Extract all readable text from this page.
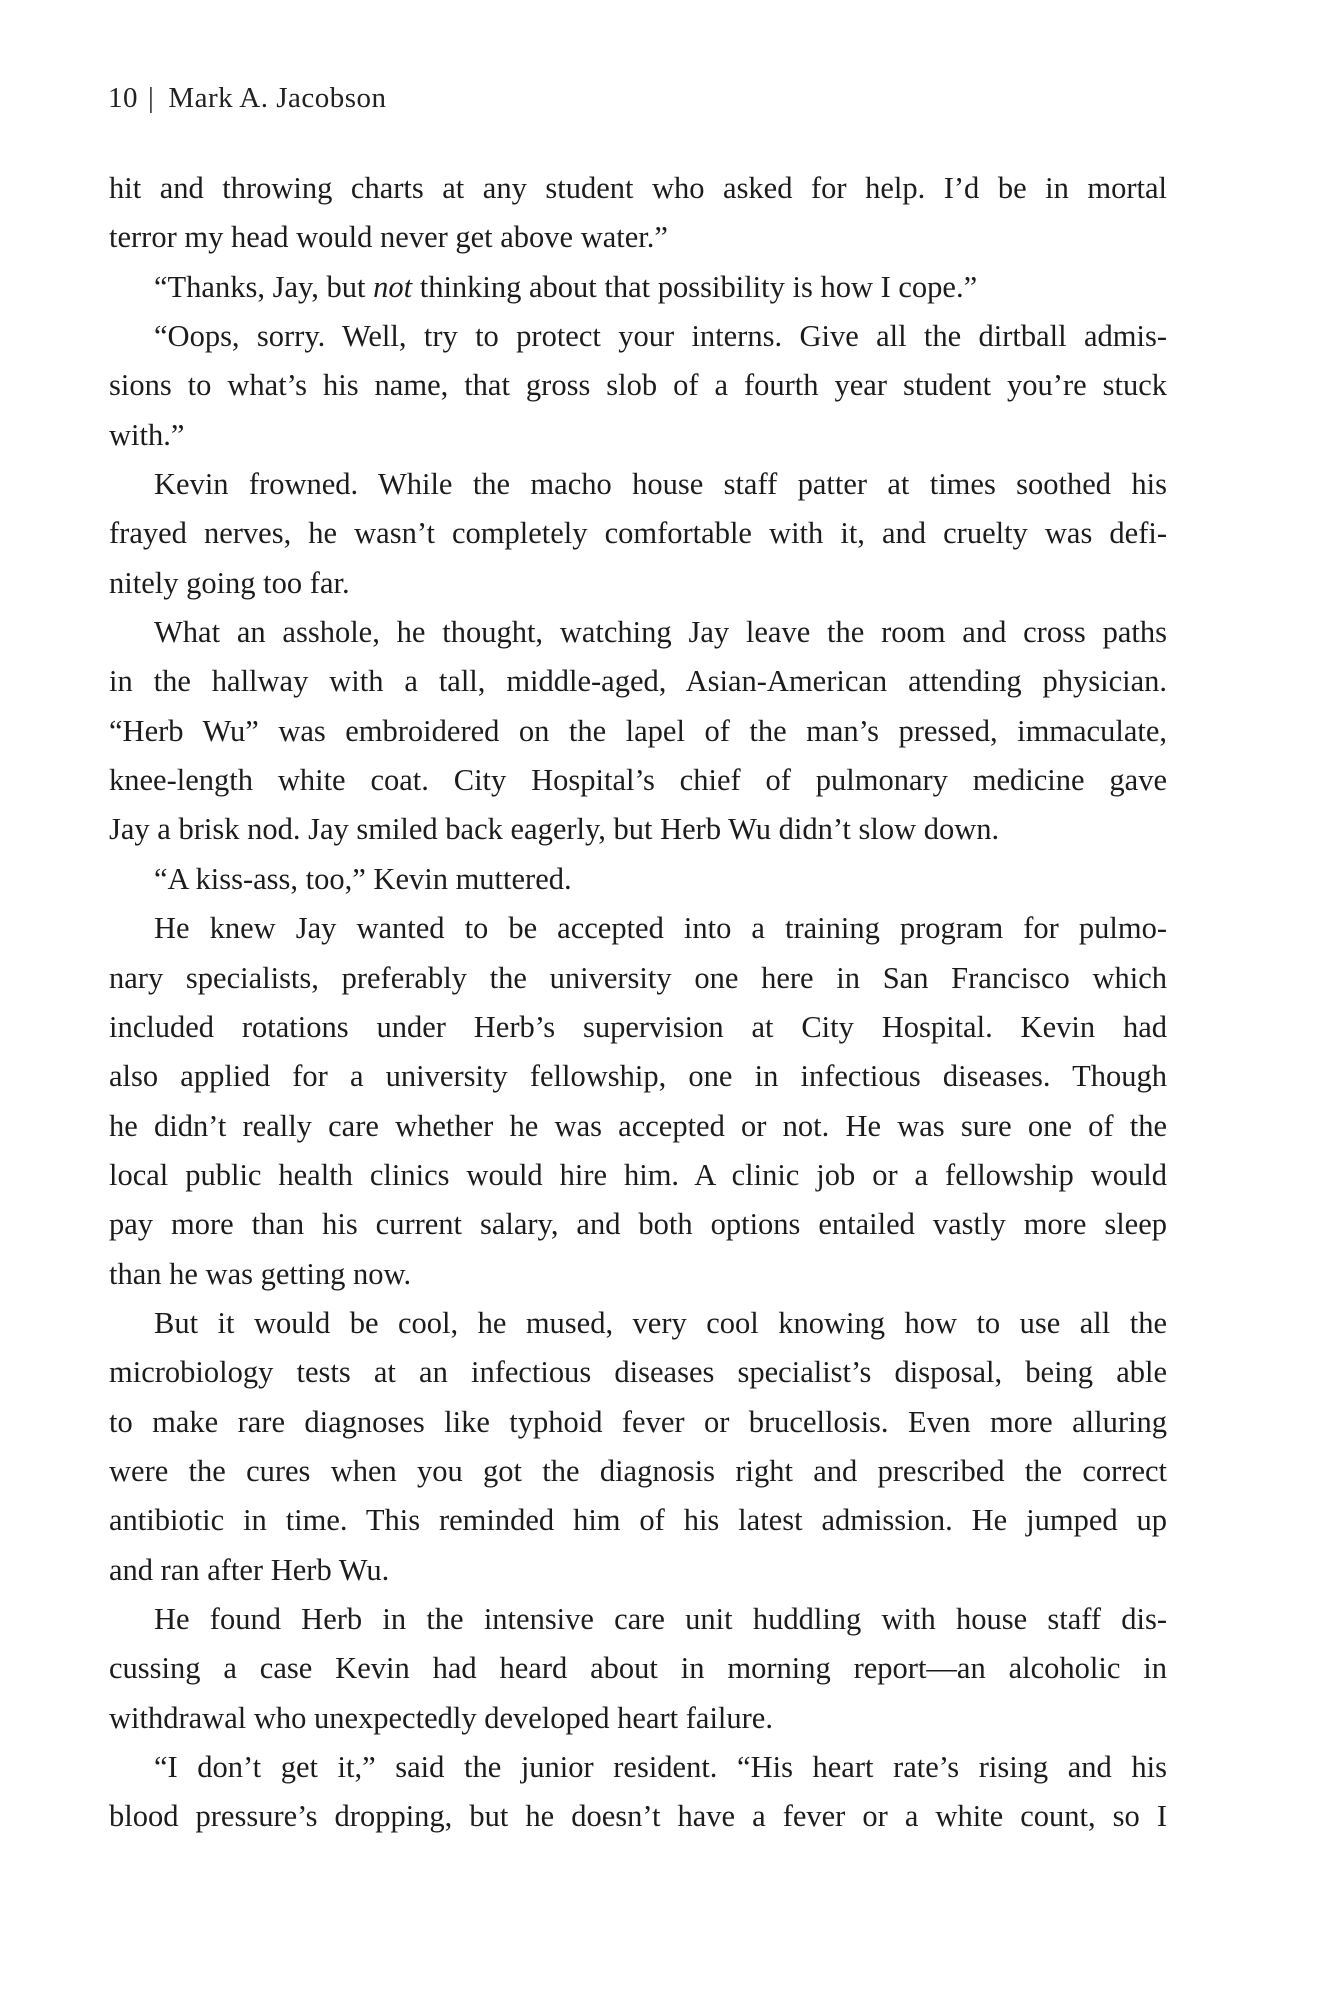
10 | Mark A. Jacobson
hit and throwing charts at any student who asked for help. I’d be in mortal
terror my head would never get above water.”
“Thanks, Jay, but not thinking about that possibility is how I cope.”
“Oops, sorry. Well, try to protect your interns. Give all the dirtball admis-
sions to what’s his name, that gross slob of a fourth year student you’re stuck
with.”
Kevin frowned. While the macho house staff patter at times soothed his
frayed nerves, he wasn’t completely comfortable with it, and cruelty was defi-
nitely going too far.
What an asshole, he thought, watching Jay leave the room and cross paths
in the hallway with a tall, middle-aged, Asian-American attending physician.
“Herb Wu” was embroidered on the lapel of the man’s pressed, immaculate,
knee-length white coat. City Hospital’s chief of pulmonary medicine gave
Jay a brisk nod. Jay smiled back eagerly, but Herb Wu didn’t slow down.
“A kiss-ass, too,” Kevin muttered.
He knew Jay wanted to be accepted into a training program for pulmo-
nary specialists, preferably the university one here in San Francisco which
included rotations under Herb’s supervision at City Hospital. Kevin had
also applied for a university fellowship, one in infectious diseases. Though
he didn’t really care whether he was accepted or not. He was sure one of the
local public health clinics would hire him. A clinic job or a fellowship would
pay more than his current salary, and both options entailed vastly more sleep
than he was getting now.
But it would be cool, he mused, very cool knowing how to use all the
microbiology tests at an infectious diseases specialist’s disposal, being able
to make rare diagnoses like typhoid fever or brucellosis. Even more alluring
were the cures when you got the diagnosis right and prescribed the correct
antibiotic in time. This reminded him of his latest admission. He jumped up
and ran after Herb Wu.
He found Herb in the intensive care unit huddling with house staff dis-
cussing a case Kevin had heard about in morning report—an alcoholic in
withdrawal who unexpectedly developed heart failure.
“I don’t get it,” said the junior resident. “His heart rate’s rising and his
blood pressure’s dropping, but he doesn’t have a fever or a white count, so I
